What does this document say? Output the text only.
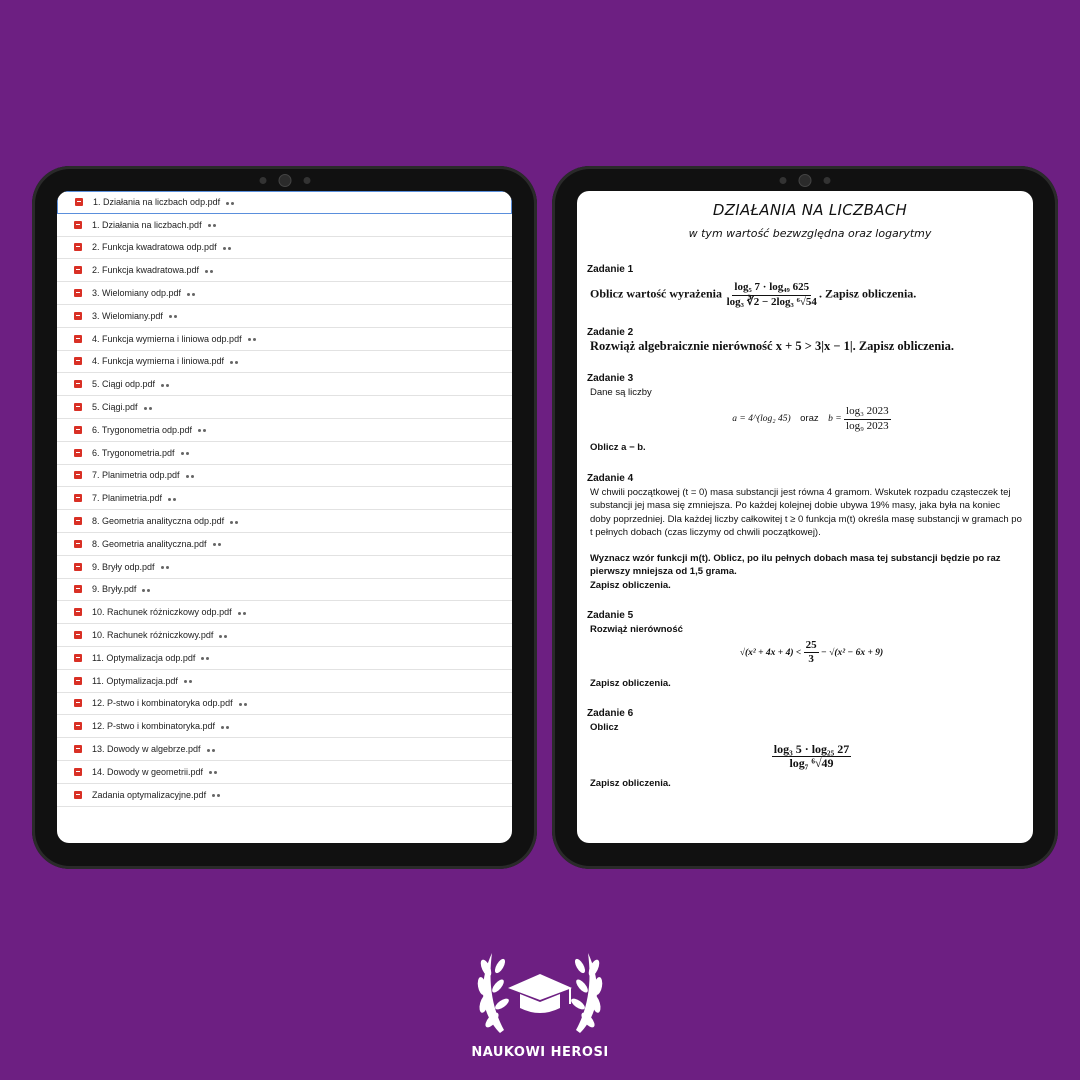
1. Działania na liczbach odp.pdf
1. Działania na liczbach.pdf
2. Funkcja kwadratowa odp.pdf
2. Funkcja kwadratowa.pdf
3. Wielomiany odp.pdf
3. Wielomiany.pdf
4. Funkcja wymierna i liniowa odp.pdf
4. Funkcja wymierna i liniowa.pdf
5. Ciągi odp.pdf
5. Ciągi.pdf
6. Trygonometria odp.pdf
6. Trygonometria.pdf
7. Planimetria odp.pdf
7. Planimetria.pdf
8. Geometria analityczna odp.pdf
8. Geometria analityczna.pdf
9. Bryły odp.pdf
9. Bryły.pdf
10. Rachunek różniczkowy odp.pdf
10. Rachunek różniczkowy.pdf
11. Optymalizacja odp.pdf
11. Optymalizacja.pdf
12. P-stwo i kombinatoryka odp.pdf
12. P-stwo i kombinatoryka.pdf
13. Dowody w algebrze.pdf
14. Dowody w geometrii.pdf
Zadania optymalizacyjne.pdf
DZIAŁANIA NA LICZBACH
w tym wartość bezwzględna oraz logarytmy
Zadanie 1

Oblicz wartość wyrażenia $\frac{\text{log₅ 7 · log₄₉ 625}}{\text{log₃ ∛2 − 2log₃ ⁶√54}}$ . Zapisz obliczenia.

Zadanie 2

Rozwiąż algebraicznie nierówność x + 5 > 3|x − 1|. Zapisz obliczenia.

Zadanie 3

Dane są liczby

a = 4^(log₂ 45) oraz $b = \frac{\text{log₃ 2023}}{\text{log₉ 2023}}$

Oblicz a − b.

Zadanie 4

W chwili początkowej (t = 0) masa substancji jest równa 4 gramom. Wskutek rozpadu cząsteczek tej substancji jej masa się zmniejsza. Po każdej kolejnej dobie ubywa 19% masy, jaka była na koniec doby poprzedniej. Dla każdej liczby całkowitej t ≥ 0 funkcja m(t) określa masę substancji w gramach po t pełnych dobach (czas liczymy od chwili początkowej).

Wyznacz wzór funkcji m(t). Oblicz, po ilu pełnych dobach masa tej substancji będzie po raz pierwszy mniejsza od 1,5 grama.

Zapisz obliczenia.

Zadanie 5

Rozwiąż nierówność

$√(x^2 + 4x + 4) < \frac{25}{3} - √(x^2 - 6x + 9)$

Zapisz obliczenia.

Zadanie 6

Oblicz

$\frac{\text{log₃ 5 · log₂₅ 27}}{\text{log₇ ⁶√49}}$

Zapisz obliczenia.

NAUKOWI HEROSI
